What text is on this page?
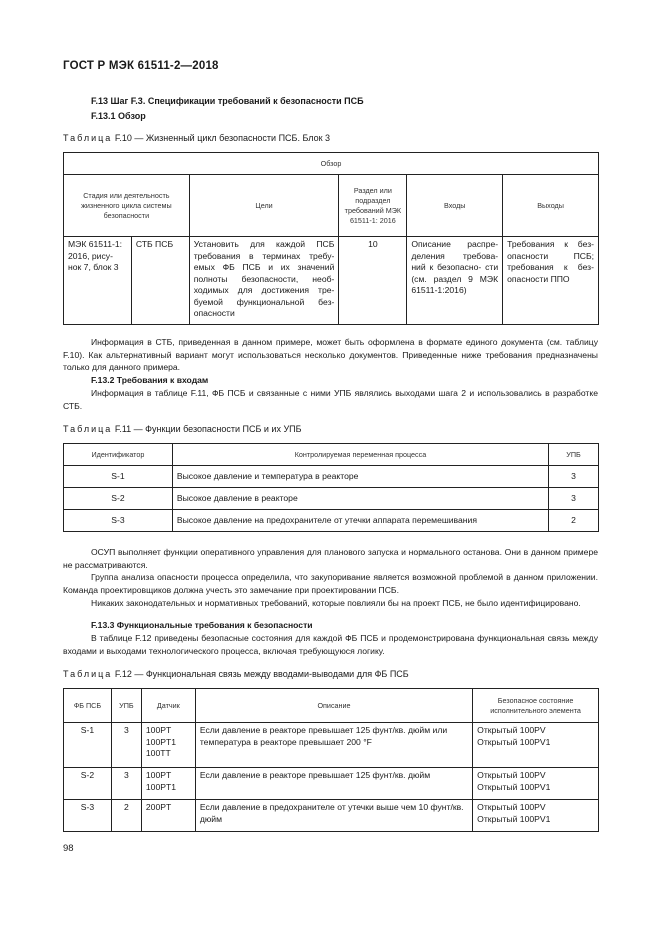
ГОСТ Р МЭК 61511-2—2018
F.13 Шаг F.3. Спецификации требований к безопасности ПСБ
F.13.1 Обзор
Таблица F.10 — Жизненный цикл безопасности ПСБ. Блок 3
Обзор					
Стадия или деятельность жизненного цикла системы безопасности		Цели	Раздел или подраздел требований МЭК 61511-1: 2016	Входы	Выходы
МЭК 61511-1: 2016, рису- нок 7, блок 3	СТБ ПСБ	Установить для каждой ПСБ требования в терминах требу- емых ФБ ПСБ и их значений полноты безопасности, необ- ходимых для достижения тре- буемой функциональной без- опасности	10	Описание распре- деления требова- ний к безопасно- сти (см. раздел 9 МЭК 61511-1:2016)	Требования к без- опасности ПСБ; требования к без- опасности ППО

Информация в СТБ, приведенная в данном примере, может быть оформлена в формате единого документа (см. таблицу F.10). Как альтернативный вариант могут использоваться несколько документов. Приведенные ниже требования предназначены только для данного примера.

F.13.2 Требования к входам

Информация в таблице F.11, ФБ ПСБ и связанные с ними УПБ являлись выходами шага 2 и использовались в разработке СТБ.

Таблица F.11 — Функции безопасности ПСБ и их УПБ
Идентификатор	Контролируемая переменная процесса	УПБ
S-1	Высокое давление и температура в реакторе	3
S-2	Высокое давление в реакторе	3
S-3	Высокое давление на предохранителе от утечки аппарата перемешивания	2

ОСУП выполняет функции оперативного управления для планового запуска и нормального останова. Они в данном примере не рассматриваются.

Группа анализа опасности процесса определила, что закупоривание является возможной проблемой в данном приложении. Команда проектировщиков должна учесть это замечание при проектировании ПСБ.

Никаких законодательных и нормативных требований, которые повлияли бы на проект ПСБ, не было идентифицировано.

F.13.3 Функциональные требования к безопасности

В таблице F.12 приведены безопасные состояния для каждой ФБ ПСБ и продемонстрирована функциональная связь между входами и выходами технологического процесса, включая требующуюся логику.

Таблица F.12 — Функциональная связь между вводами-выводами для ФБ ПСБ
ФБ ПСБ	УПБ	Датчик	Описание	Безопасное состояние исполнительного элемента
S-1	3	100PT
100PT1
100TT	Если давление в реакторе превышает 125 фунт/кв. дюйм или температура в реакторе превышает 200 °F	Открытый 100PV
Открытый 100PV1

S-2	3	100PT
100PT1	Если давление в реакторе превышает 125 фунт/кв. дюйм	Открытый 100PV
Открытый 100PV1

S-3	2	200PT	Если давление в предохранителе от утечки выше чем 10 фунт/кв. дюйм	Открытый 100PV
Открытый 100PV1
98
